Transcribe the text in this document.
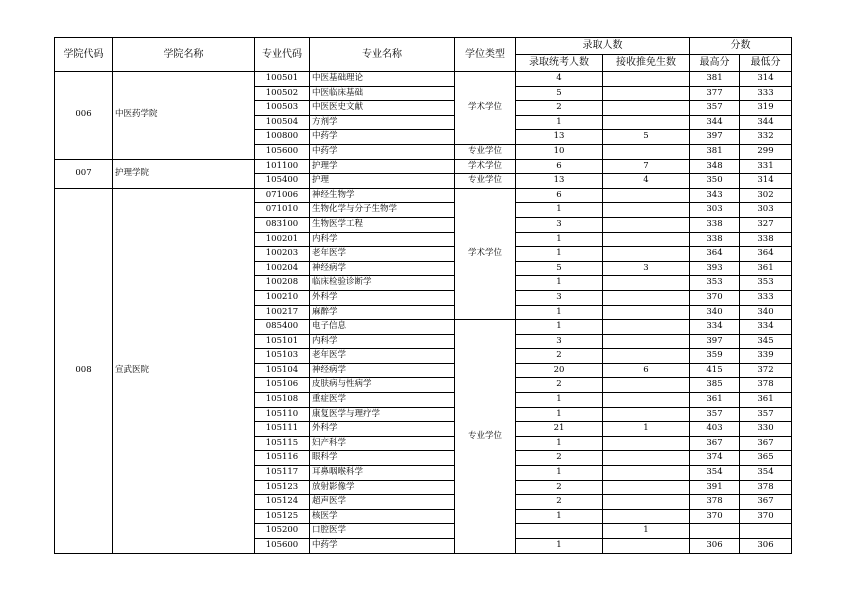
学院代码	学院名称	专业代码	专业名称	学位类型	录取人数		分数	
					录取统考人数	接收推免生数	最高分	最低分
006	中医药学院	100501	中医基础理论	学术学位	4		381	314
		100502	中医临床基础		5		377	333
		100503	中医医史文献		2		357	319
		100504	方剂学		1		344	344
		100800	中药学		13	5	397	332
		105600	中药学	专业学位	10		381	299
007	护理学院	101100	护理学	学术学位	6	7	348	331
		105400	护理	专业学位	13	4	350	314
008	宣武医院	071006	神经生物学	学术学位	6		343	302
		071010	生物化学与分子生物学		1		303	303
		083100	生物医学工程		3		338	327
		100201	内科学		1		338	338
		100203	老年医学		1		364	364
		100204	神经病学		5	3	393	361
		100208	临床检验诊断学		1		353	353
		100210	外科学		3		370	333
		100217	麻醉学		1		340	340
		085400	电子信息	专业学位	1		334	334
		105101	内科学		3		397	345
		105103	老年医学		2		359	339
		105104	神经病学		20	6	415	372
		105106	皮肤病与性病学		2		385	378
		105108	重症医学		1		361	361
		105110	康复医学与理疗学		1		357	357
		105111	外科学		21	1	403	330
		105115	妇产科学		1		367	367
		105116	眼科学		2		374	365
		105117	耳鼻咽喉科学		1		354	354
		105123	放射影像学		2		391	378
		105124	超声医学		2		378	367
		105125	核医学		1		370	370
		105200	口腔医学			1		
		105600	中药学		1		306	306
